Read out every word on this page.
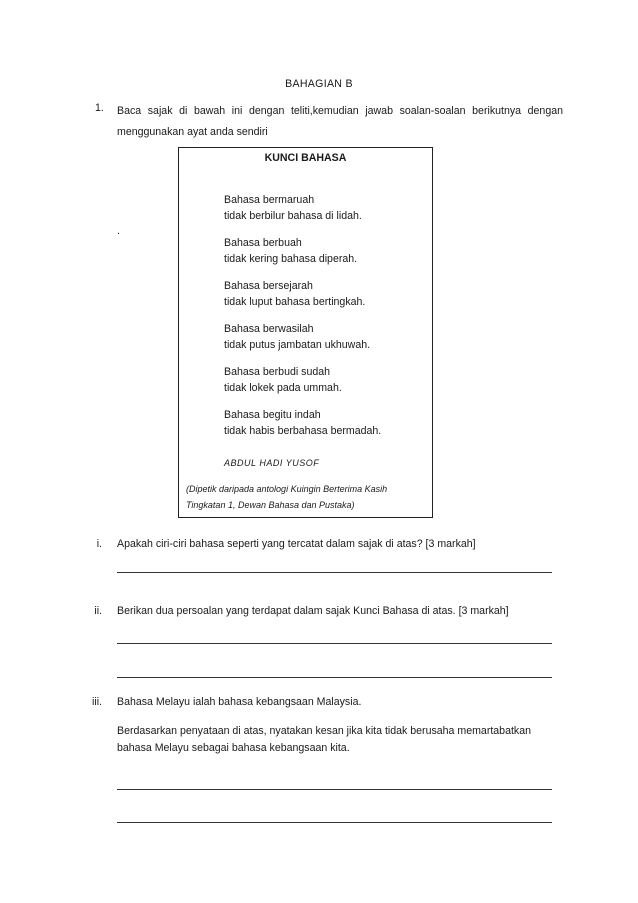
BAHAGIAN B
1. Baca sajak di bawah ini dengan teliti,kemudian jawab soalan-soalan berikutnya dengan menggunakan ayat anda sendiri
.
KUNCI BAHASA
Bahasa bermaruah
tidak berbilur bahasa di lidah.
Bahasa berbuah
tidak kering bahasa diperah.
Bahasa bersejarah
tidak luput bahasa bertingkah.
Bahasa berwasilah
tidak putus jambatan ukhuwah.
Bahasa berbudi sudah
tidak lokek pada ummah.
Bahasa begitu indah
tidak habis berbahasa bermadah.
ABDUL HADI YUSOF
(Dipetik daripada antologi Kuingin Berterima Kasih
Tingkatan 1, Dewan Bahasa dan Pustaka)
i. Apakah ciri-ciri bahasa seperti yang tercatat dalam sajak di atas? [3 markah]
ii. Berikan dua persoalan yang terdapat dalam sajak Kunci Bahasa di atas. [3 markah]
iii. Bahasa Melayu ialah bahasa kebangsaan Malaysia.
Berdasarkan penyataan di atas, nyatakan kesan jika kita tidak berusaha memartabatkan
bahasa Melayu sebagai bahasa kebangsaan kita.
